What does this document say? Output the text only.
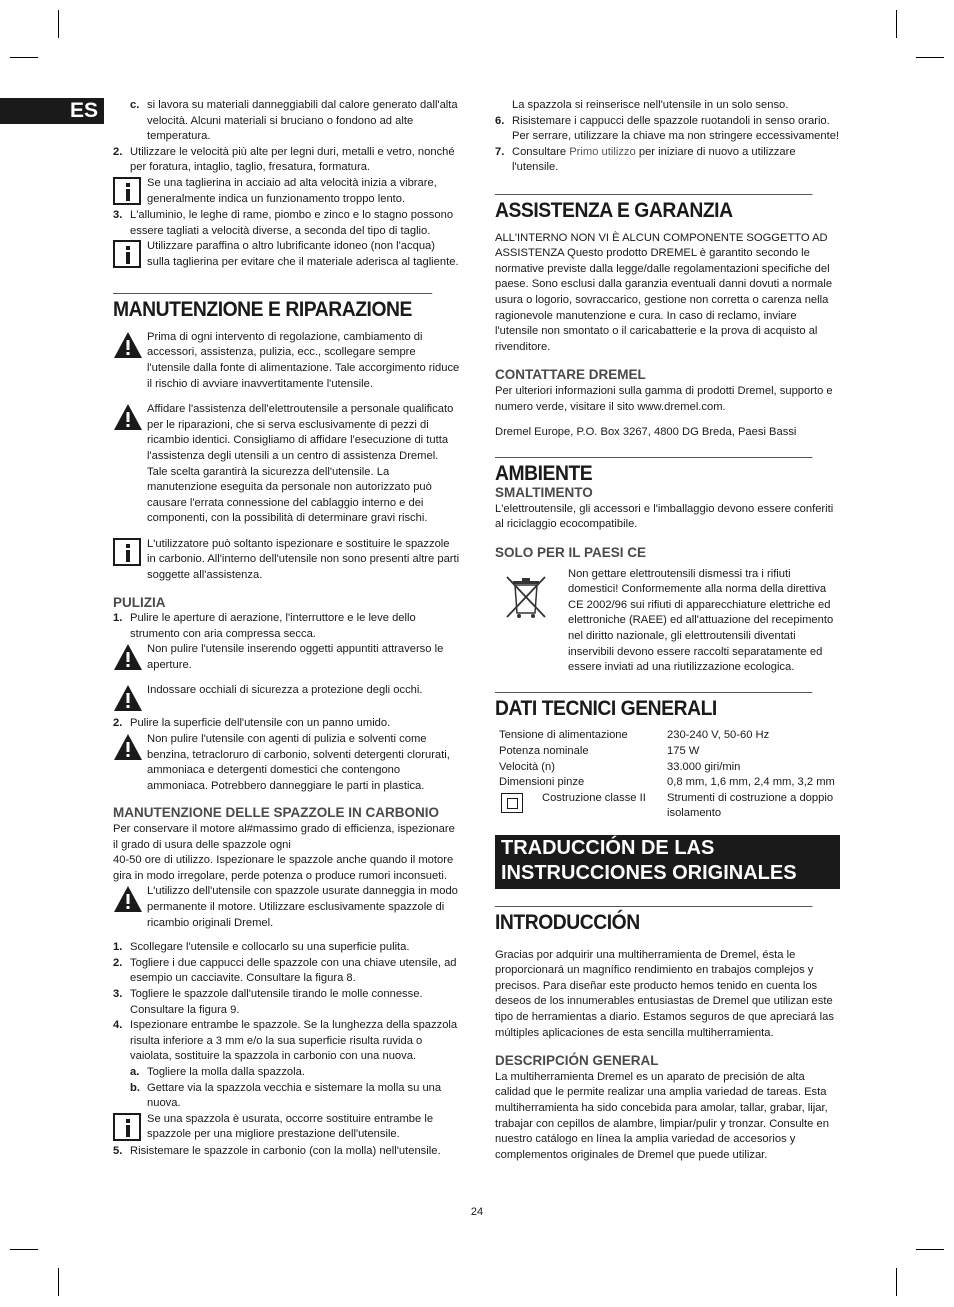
ES	c. si lavora su materiali danneggiabili dal calore generato dall'alta velocità. Alcuni materiali si bruciano o fondono ad alte temperatura.

2. Utilizzare le velocità più alte per legni duri, metalli e vetro, nonché per foratura, intaglio, taglio, fresatura, formatura.

Se una taglierina in acciaio ad alta velocità inizia a vibrare, generalmente indica un funzionamento troppo lento.

3. L'alluminio, le leghe di rame, piombo e zinco e lo stagno possono essere tagliati a velocità diverse, a seconda del tipo di taglio.

Utilizzare paraffina o altro lubrificante idoneo (non l'acqua) sulla taglierina per evitare che il materiale aderisca al tagliente.

MANUTENZIONE E RIPARAZIONE

Prima di ogni intervento di regolazione, cambiamento di accessori, assistenza, pulizia, ecc., scollegare sempre l'utensile dalla fonte di alimentazione. Tale accorgimento riduce il rischio di avviare inavvertitamente l'utensile.

Affidare l'assistenza dell'elettroutensile a personale qualificato per le riparazioni, che si serva esclusivamente di pezzi di ricambio identici. Consigliamo di affidare l'esecuzione di tutta l'assistenza degli utensili a un centro di assistenza Dremel. Tale scelta garantirà la sicurezza dell'utensile. La manutenzione eseguita da personale non autorizzato può causare l'errata connessione del cablaggio interno e dei componenti, con la possibilità di determinare gravi rischi.

L'utilizzatore può soltanto ispezionare e sostituire le spazzole in carbonio. All'interno dell'utensile non sono presenti altre parti soggette all'assistenza.

PULIZIA
1. Pulire le aperture di aerazione, l'interruttore e le leve dello strumento con aria compressa secca.

Non pulire l'utensile inserendo oggetti appuntiti attraverso le aperture.

Indossare occhiali di sicurezza a protezione degli occhi.

2. Pulire la superficie dell'utensile con un panno umido.

Non pulire l'utensile con agenti di pulizia e solventi come benzina, tetracloruro di carbonio, solventi detergenti clorurati, ammoniaca e detergenti domestici che contengono ammoniaca. Potrebbero danneggiare le parti in plastica.

MANUTENZIONE DELLE SPAZZOLE IN CARBONIO

Per conservare il motore al#massimo grado di efficienza, ispezionare il grado di usura delle spazzole ogni

40-50 ore di utilizzo. Ispezionare le spazzole anche quando il motore gira in modo irregolare, perde potenza o produce rumori inconsueti.

L'utilizzo dell'utensile con spazzole usurate danneggia in modo permanente il motore. Utilizzare esclusivamente spazzole di ricambio originali Dremel.

1. Scollegare l'utensile e collocarlo su una superficie pulita.

2. Togliere i due cappucci delle spazzole con una chiave utensile, ad esempio un cacciavite. Consultare la figura 8.

3. Togliere le spazzole dall'utensile tirando le molle connesse. Consultare la figura 9.

4. Ispezionare entrambe le spazzole. Se la lunghezza della spazzola risulta inferiore a 3 mm e/o la sua superficie risulta ruvida o vaiolata, sostituire la spazzola in carbonio con una nuova.

a. Togliere la molla dalla spazzola.

b. Gettare via la spazzola vecchia e sistemare la molla su una nuova.

Se una spazzola è usurata, occorre sostituire entrambe le spazzole per una migliore prestazione dell'utensile.

5. Risistemare le spazzole in carbonio (con la molla) nell'utensile.

La spazzola si reinserisce nell'utensile in un solo senso.

6. Risistemare i cappucci delle spazzole ruotandoli in senso orario. Per serrare, utilizzare la chiave ma non stringere eccessivamente!

7. Consultare Primo utilizzo per iniziare di nuovo a utilizzare l'utensile.

ASSISTENZA E GARANZIA

ALL'INTERNO NON VI È ALCUN COMPONENTE SOGGETTO AD ASSISTENZA Questo prodotto DREMEL è garantito secondo le normative previste dalla legge/dalle regolamentazioni specifiche del paese. Sono esclusi dalla garanzia eventuali danni dovuti a normale usura o logorio, sovraccarico, gestione non corretta o carenza nella ragionevole manutenzione e cura. In caso di reclamo, inviare l'utensile non smontato o il caricabatterie e la prova di acquisto al rivenditore.

CONTATTARE DREMEL

Per ulteriori informazioni sulla gamma di prodotti Dremel, supporto e numero verde, visitare il sito www.dremel.com.

Dremel Europe, P.O. Box 3267, 4800 DG Breda, Paesi Bassi

AMBIENTE
SMALTIMENTO

L'elettroutensile, gli accessori e l'imballaggio devono essere conferiti al riciclaggio ecocompatibile.

SOLO PER IL PAESI CE

Non gettare elettroutensili dismessi tra i rifiuti domestici! Conformemente alla norma della direttiva CE 2002/96 sui rifiuti di apparecchiature elettriche ed elettroniche (RAEE) ed all'attuazione del recepimento nel diritto nazionale, gli elettroutensili diventati inservibili devono essere raccolti separatamente ed essere inviati ad una riutilizzazione ecologica.

DATI TECNICI GENERALI
Tensione di alimentazione	230-240 V, 50-60 Hz
Potenza nominale	175 W
Velocità (n)	33.000 giri/min
Dimensioni pinze	0,8 mm, 1,6 mm, 2,4 mm, 3,2 mm
Costruzione classe II	Strumenti di costruzione a doppio isolamento
TRADUCCIÓN DE LAS
INSTRUCCIONES ORIGINALES
INTRODUCCIÓN

Gracias por adquirir una multiherramienta de Dremel, ésta le proporcionará un magnífico rendimiento en trabajos complejos y precisos. Para diseñar este producto hemos tenido en cuenta los deseos de los innumerables entusiastas de Dremel que utilizan este tipo de herramientas a diario. Estamos seguros de que apreciará las múltiples aplicaciones de esta sencilla multiherramienta.

DESCRIPCIÓN GENERAL

La multiherramienta Dremel es un aparato de precisión de alta calidad que le permite realizar una amplia variedad de tareas. Esta multiherramienta ha sido concebida para amolar, tallar, grabar, lijar, trabajar con cepillos de alambre, limpiar/pulir y tronzar. Consulte en nuestro catálogo en línea la amplia variedad de accesorios y complementos originales de Dremel que puede utilizar.

24
